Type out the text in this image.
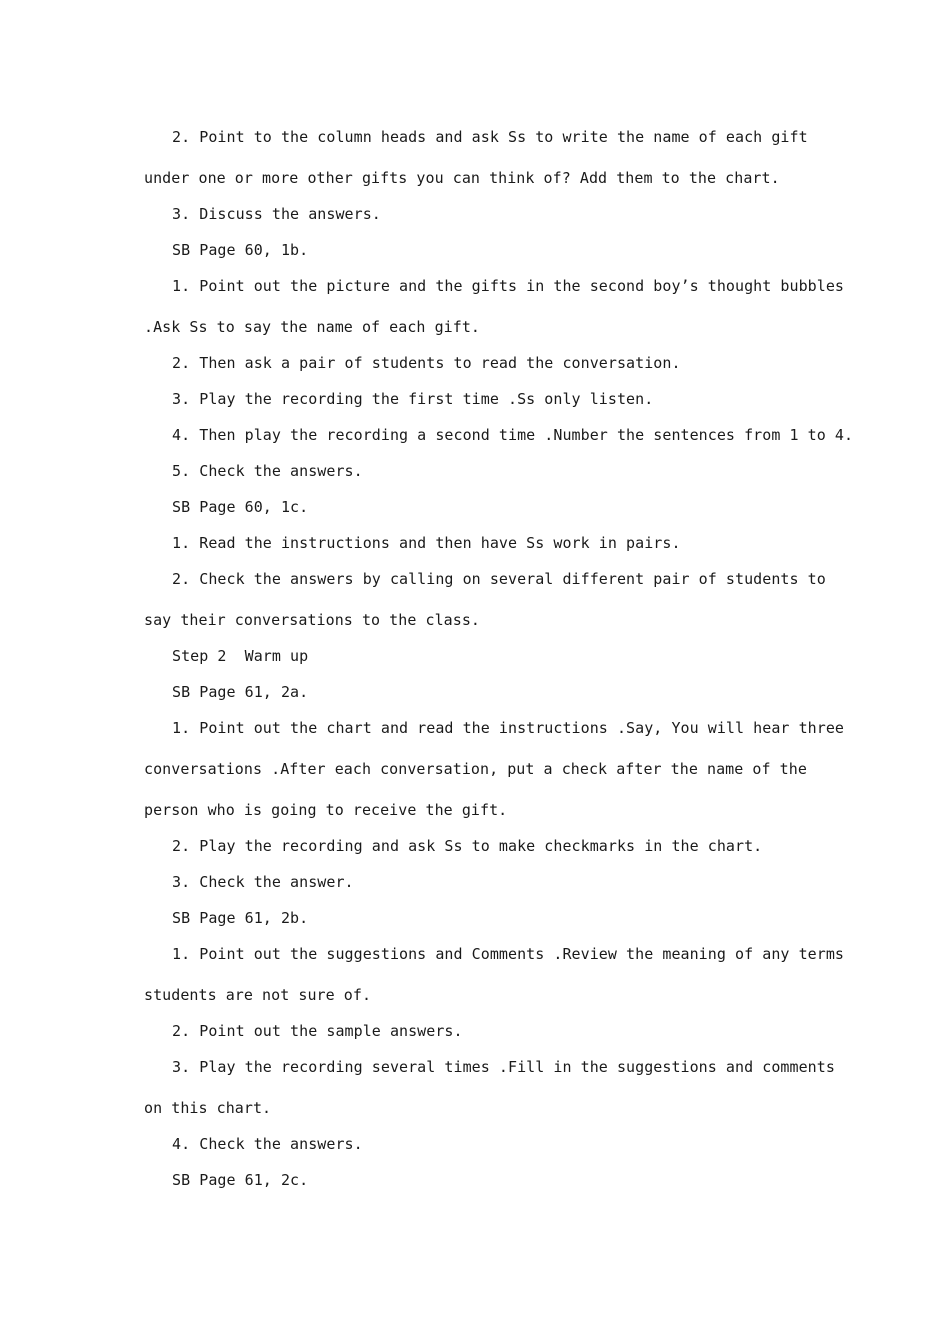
2. Point to the column heads and ask Ss to write the name of each gift
under one or more other gifts you can think of? Add them to the chart.
3. Discuss the answers.
SB Page 60, 1b.
1. Point out the picture and the gifts in the second boy’s thought bubbles
.Ask Ss to say the name of each gift.
2. Then ask a pair of students to read the conversation.
3. Play the recording the first time .Ss only listen.
4. Then play the recording a second time .Number the sentences from 1 to 4.
5. Check the answers.
SB Page 60, 1c.
1. Read the instructions and then have Ss work in pairs.
2. Check the answers by calling on several different pair of students to
say their conversations to the class.
Step 2  Warm up
SB Page 61, 2a.
1. Point out the chart and read the instructions .Say, You will hear three
conversations .After each conversation, put a check after the name of the
person who is going to receive the gift.
2. Play the recording and ask Ss to make checkmarks in the chart.
3. Check the answer.
SB Page 61, 2b.
1. Point out the suggestions and Comments .Review the meaning of any terms
students are not sure of.
2. Point out the sample answers.
3. Play the recording several times .Fill in the suggestions and comments
on this chart.
4. Check the answers.
SB Page 61, 2c.
